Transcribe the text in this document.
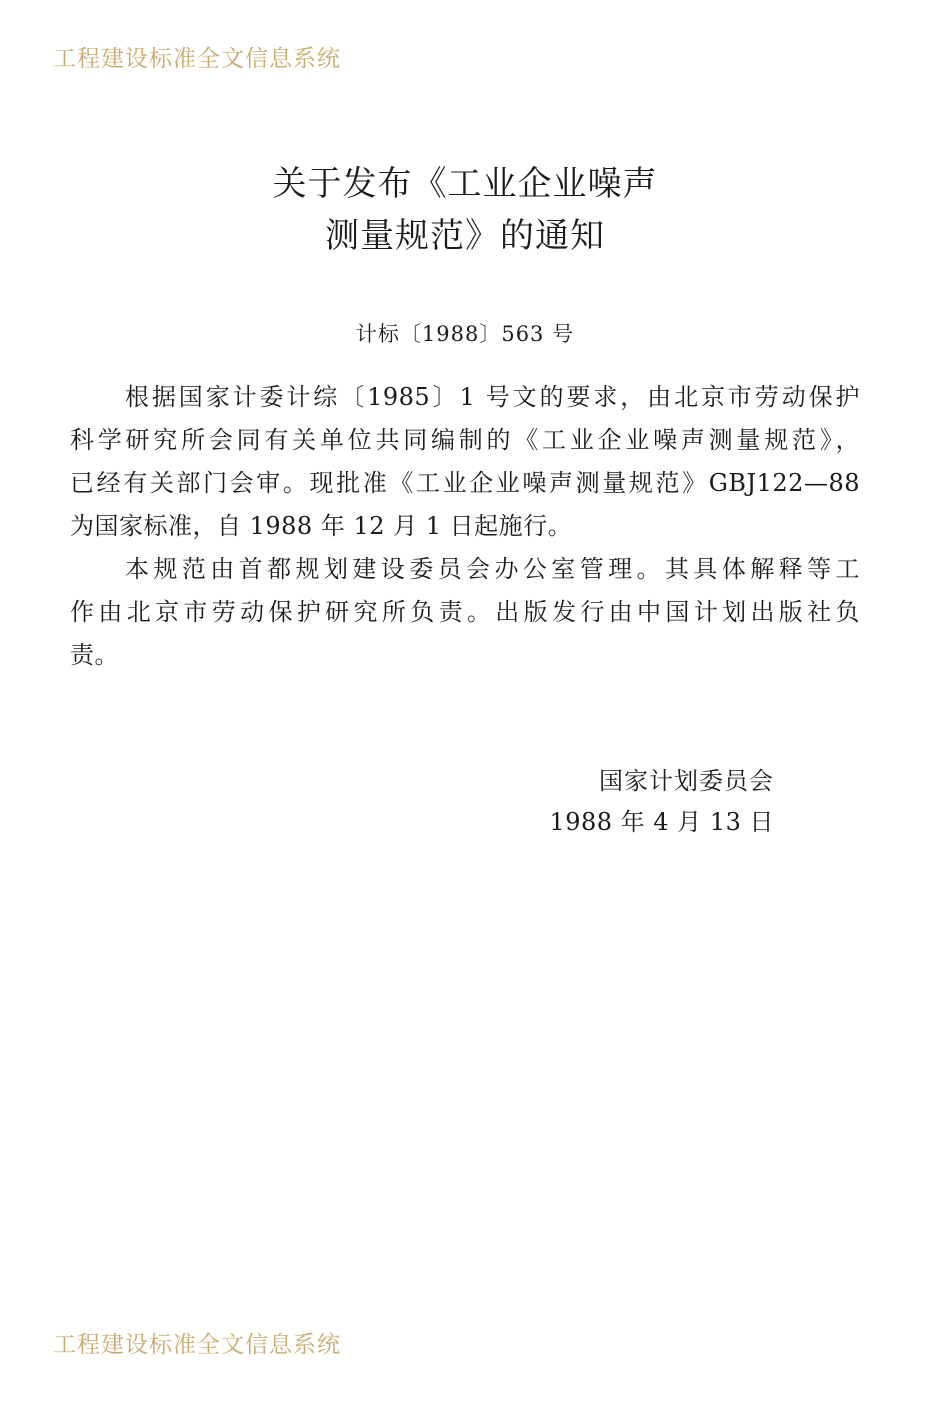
工程建设标准全文信息系统
关于发布《工业企业噪声
测量规范》的通知
计标〔1988〕563 号
根据国家计委计综〔1985〕1 号文的要求，由北京市劳动保护
科学研究所会同有关单位共同编制的《工业企业噪声测量规范》，
已经有关部门会审。现批准《工业企业噪声测量规范》GBJ122—88
为国家标准，自 1988 年 12 月 1 日起施行。
本规范由首都规划建设委员会办公室管理。其具体解释等工
作由北京市劳动保护研究所负责。出版发行由中国计划出版社负
责。
国家计划委员会
1988 年 4 月 13 日
工程建设标准全文信息系统
